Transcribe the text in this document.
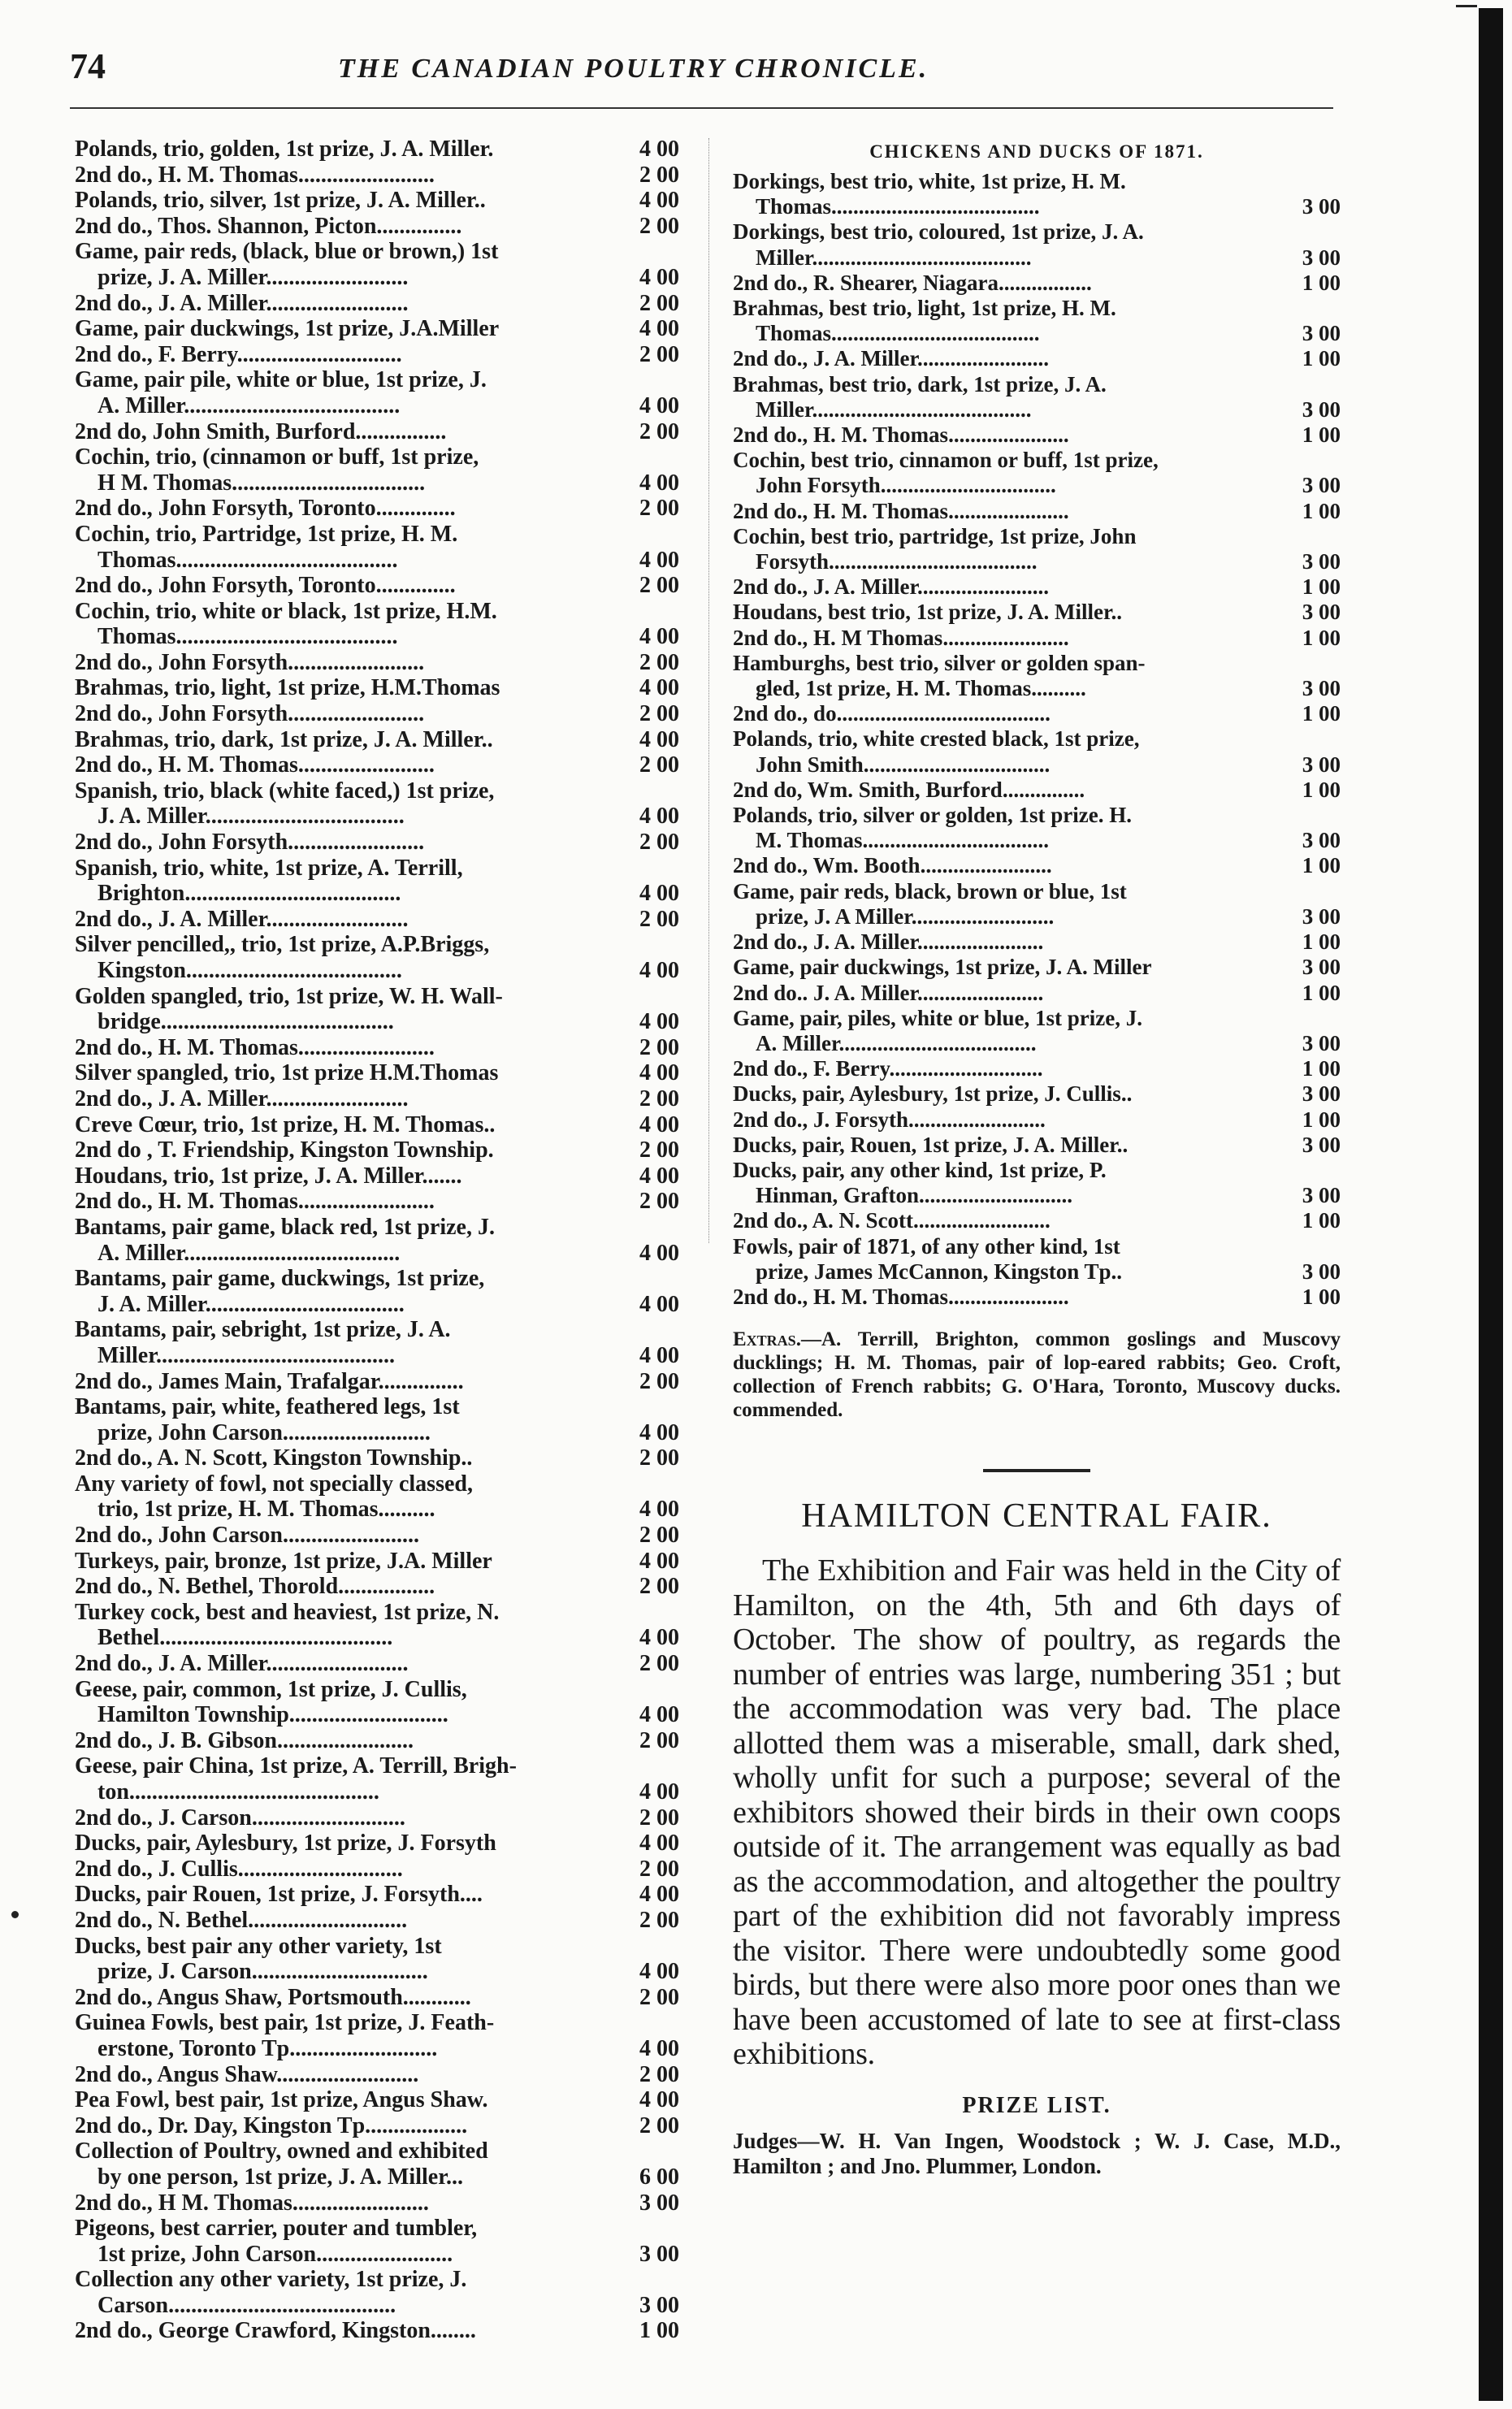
74	THE CANADIAN POULTRY CHRONICLE.
Polands, trio, golden, 1st prize, J. A. Miller.	4 00
2nd do., H. M. Thomas........................	2 00
Polands, trio, silver, 1st prize, J. A. Miller..	4 00
2nd do., Thos. Shannon, Picton...............	2 00
Game, pair reds, (black, blue or brown,) 1st
prize, J. A. Miller.........................	4 00
2nd do., J. A. Miller.........................	2 00
Game, pair duckwings, 1st prize, J.A.Miller	4 00
2nd do., F. Berry.............................	2 00
Game, pair pile, white or blue, 1st prize, J.
A. Miller......................................	4 00
2nd do, John Smith, Burford................	2 00
Cochin, trio, (cinnamon or buff, 1st prize,
H M. Thomas..................................	4 00
2nd do., John Forsyth, Toronto..............	2 00
Cochin, trio, Partridge, 1st prize, H. M.
Thomas.......................................	4 00
2nd do., John Forsyth, Toronto..............	2 00
Cochin, trio, white or black, 1st prize, H.M.
Thomas.......................................	4 00
2nd do., John Forsyth........................	2 00
Brahmas, trio, light, 1st prize, H.M.Thomas	4 00
2nd do., John Forsyth........................	2 00
Brahmas, trio, dark, 1st prize, J. A. Miller..	4 00
2nd do., H. M. Thomas........................	2 00
Spanish, trio, black (white faced,) 1st prize,
J. A. Miller...................................	4 00
2nd do., John Forsyth........................	2 00
Spanish, trio, white, 1st prize, A. Terrill,
Brighton......................................	4 00
2nd do., J. A. Miller.........................	2 00
Silver pencilled,, trio, 1st prize, A.P.Briggs,
Kingston......................................	4 00
Golden spangled, trio, 1st prize, W. H. Wall-
bridge.........................................	4 00
2nd do., H. M. Thomas........................	2 00
Silver spangled, trio, 1st prize H.M.Thomas	4 00
2nd do., J. A. Miller.........................	2 00
Creve Cœur, trio, 1st prize, H. M. Thomas..	4 00
2nd do , T. Friendship, Kingston Township.	2 00
Houdans, trio, 1st prize, J. A. Miller.......	4 00
2nd do., H. M. Thomas........................	2 00
Bantams, pair game, black red, 1st prize, J.
A. Miller......................................	4 00
Bantams, pair game, duckwings, 1st prize,
J. A. Miller...................................	4 00
Bantams, pair, sebright, 1st prize, J. A.
Miller..........................................	4 00
2nd do., James Main, Trafalgar...............	2 00
Bantams, pair, white, feathered legs, 1st
prize, John Carson..........................	4 00
2nd do., A. N. Scott, Kingston Township..	2 00
Any variety of fowl, not specially classed,
trio, 1st prize, H. M. Thomas..........	4 00
2nd do., John Carson........................	2 00
Turkeys, pair, bronze, 1st prize, J.A. Miller	4 00
2nd do., N. Bethel, Thorold.................	2 00
Turkey cock, best and heaviest, 1st prize, N.
Bethel.........................................	4 00
2nd do., J. A. Miller.........................	2 00
Geese, pair, common, 1st prize, J. Cullis,
Hamilton Township............................	4 00
2nd do., J. B. Gibson........................	2 00
Geese, pair China, 1st prize, A. Terrill, Brigh-
ton............................................	4 00
2nd do., J. Carson...........................	2 00
Ducks, pair, Aylesbury, 1st prize, J. Forsyth	4 00
2nd do., J. Cullis.............................	2 00
Ducks, pair Rouen, 1st prize, J. Forsyth....	4 00
2nd do., N. Bethel............................	2 00
Ducks, best pair any other variety, 1st
prize, J. Carson...............................	4 00
2nd do., Angus Shaw, Portsmouth............	2 00
Guinea Fowls, best pair, 1st prize, J. Feath-
erstone, Toronto Tp..........................	4 00
2nd do., Angus Shaw.........................	2 00
Pea Fowl, best pair, 1st prize, Angus Shaw.	4 00
2nd do., Dr. Day, Kingston Tp..................	2 00
Collection of Poultry, owned and exhibited
by one person, 1st prize, J. A. Miller...	6 00
2nd do., H M. Thomas........................	3 00
Pigeons, best carrier, pouter and tumbler,
1st prize, John Carson........................	3 00
Collection any other variety, 1st prize, J.
Carson........................................	3 00
2nd do., George Crawford, Kingston........	1 00
CHICKENS AND DUCKS OF 1871.
Dorkings, best trio, white, 1st prize, H. M.
Thomas......................................	3 00
Dorkings, best trio, coloured, 1st prize, J. A.
Miller........................................	3 00
2nd do., R. Shearer, Niagara.................	1 00
Brahmas, best trio, light, 1st prize, H. M.
Thomas......................................	3 00
2nd do., J. A. Miller........................	1 00
Brahmas, best trio, dark, 1st prize, J. A.
Miller........................................	3 00
2nd do., H. M. Thomas......................	1 00
Cochin, best trio, cinnamon or buff, 1st prize,
John Forsyth................................	3 00
2nd do., H. M. Thomas......................	1 00
Cochin, best trio, partridge, 1st prize, John
Forsyth......................................	3 00
2nd do., J. A. Miller........................	1 00
Houdans, best trio, 1st prize, J. A. Miller..	3 00
2nd do., H. M Thomas.......................	1 00
Hamburghs, best trio, silver or golden span-
gled, 1st prize, H. M. Thomas..........	3 00
2nd do., do.......................................	1 00
Polands, trio, white crested black, 1st prize,
John Smith..................................	3 00
2nd do, Wm. Smith, Burford...............	1 00
Polands, trio, silver or golden, 1st prize. H.
M. Thomas..................................	3 00
2nd do., Wm. Booth........................	1 00
Game, pair reds, black, brown or blue, 1st
prize, J. A Miller..........................	3 00
2nd do., J. A. Miller.......................	1 00
Game, pair duckwings, 1st prize, J. A. Miller	3 00
2nd do.. J. A. Miller.......................	1 00
Game, pair, piles, white or blue, 1st prize, J.
A. Miller....................................	3 00
2nd do., F. Berry............................	1 00
Ducks, pair, Aylesbury, 1st prize, J. Cullis..	3 00
2nd do., J. Forsyth.........................	1 00
Ducks, pair, Rouen, 1st prize, J. A. Miller..	3 00
Ducks, pair, any other kind, 1st prize, P.
Hinman, Grafton............................	3 00
2nd do., A. N. Scott.........................	1 00
Fowls, pair of 1871, of any other kind, 1st
prize, James McCannon, Kingston Tp..	3 00
2nd do., H. M. Thomas......................	1 00
Extras.—A. Terrill, Brighton, common goslings and Muscovy ducklings; H. M. Thomas, pair of lop-eared rabbits; Geo. Croft, collection of French rabbits; G. O'Hara, Toronto, Muscovy ducks. commended.
HAMILTON CENTRAL FAIR.
The Exhibition and Fair was held in the City of Hamilton, on the 4th, 5th and 6th days of October. The show of poultry, as regards the number of entries was large, numbering 351 ; but the accommodation was very bad. The place allotted them was a miserable, small, dark shed, wholly unfit for such a purpose; several of the exhibitors showed their birds in their own coops outside of it. The arrangement was equally as bad as the accommodation, and altogether the poultry part of the exhibition did not favorably impress the visitor. There were undoubtedly some good birds, but there were also more poor ones than we have been accustomed of late to see at first-class exhibitions.
PRIZE LIST.
Judges—W. H. Van Ingen, Woodstock ; W. J. Case, M.D., Hamilton ; and Jno. Plummer, London.
